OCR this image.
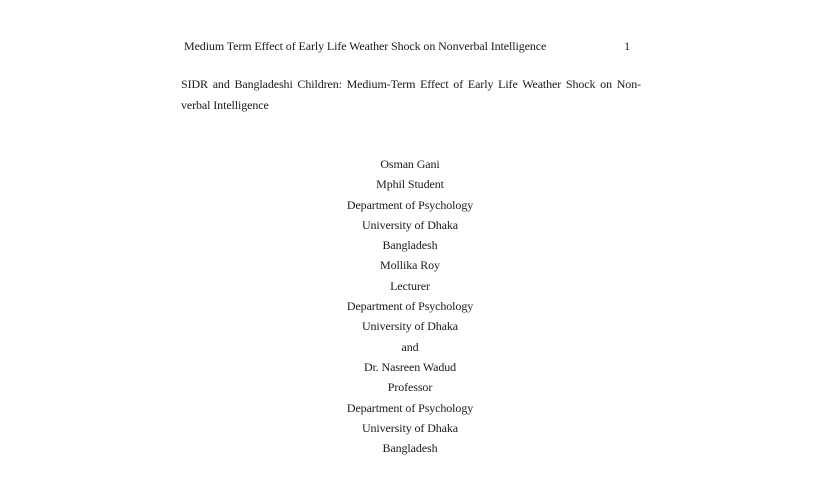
Medium Term Effect of Early Life Weather Shock on Nonverbal Intelligence	1
SIDR and Bangladeshi Children: Medium-Term Effect of Early Life Weather Shock on Non-verbal Intelligence
Osman Gani
Mphil Student
Department of Psychology
University of Dhaka
Bangladesh
Mollika Roy
Lecturer
Department of Psychology
University of Dhaka
and
Dr. Nasreen Wadud
Professor
Department of Psychology
University of Dhaka
Bangladesh
